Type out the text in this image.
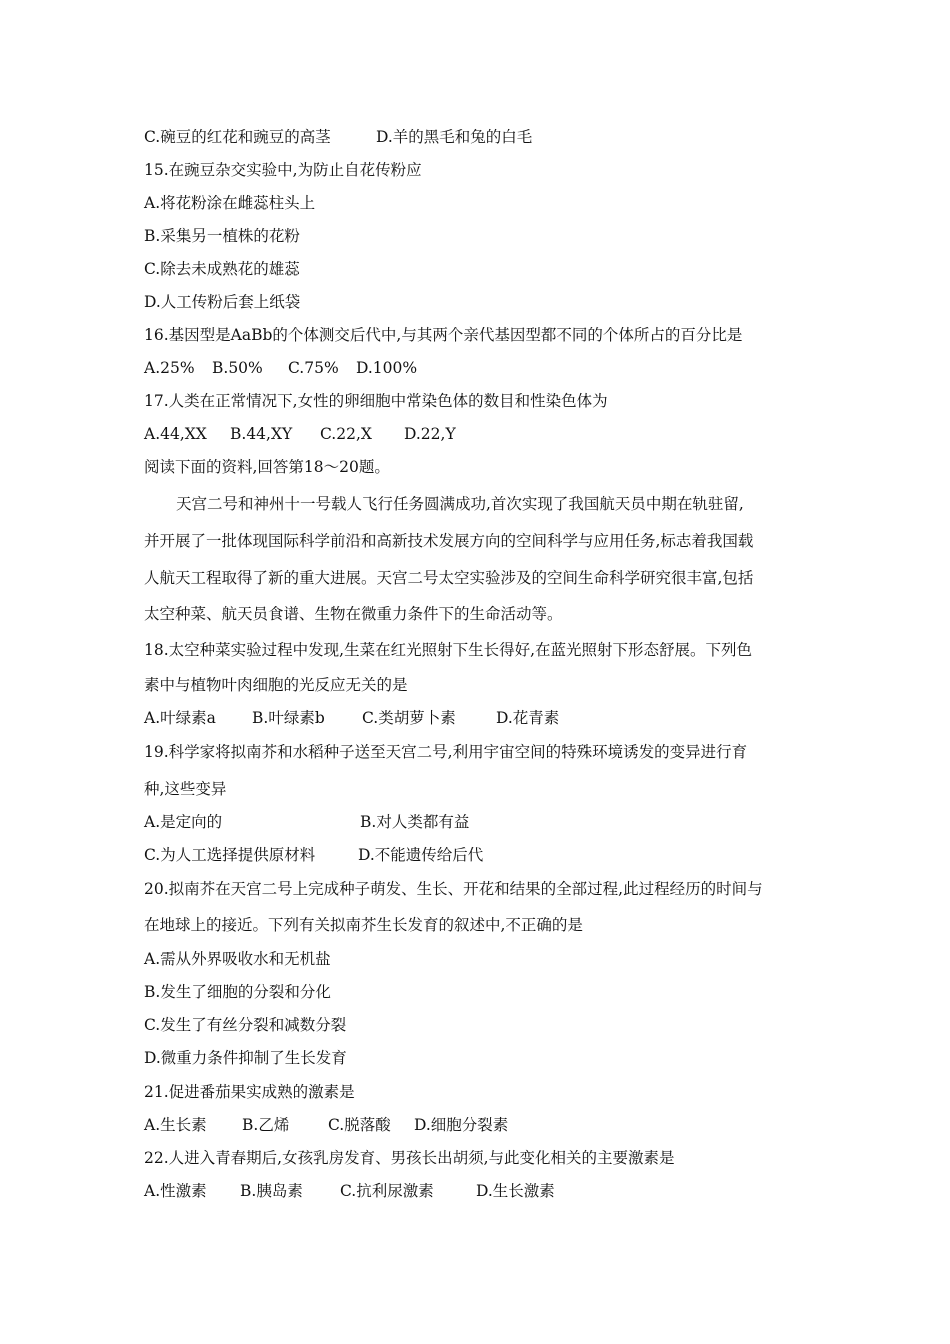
C.碗豆的红花和豌豆的高茎	D.羊的黑毛和兔的白毛
15.在豌豆杂交实验中,为防止自花传粉应
A.将花粉涂在雌蕊柱头上
B.采集另一植株的花粉
C.除去未成熟花的雄蕊
D.人工传粉后套上纸袋
16.基因型是AaBb的个体测交后代中,与其两个亲代基因型都不同的个体所占的百分比是
A.25% B.50% C.75% D.100%
17.人类在正常情况下,女性的卵细胞中常染色体的数目和性染色体为
A.44,XX B.44,XY C.22,X D.22,Y
阅读下面的资料,回答第18～20题。
天宫二号和神州十一号载人飞行任务圆满成功,首次实现了我国航天员中期在轨驻留,
并开展了一批体现国际科学前沿和高新技术发展方向的空间科学与应用任务,标志着我国载
人航天工程取得了新的重大进展。天宫二号太空实验涉及的空间生命科学研究很丰富,包括
太空种菜、航天员食谱、生物在微重力条件下的生命活动等。
18.太空种菜实验过程中发现,生菜在红光照射下生长得好,在蓝光照射下形态舒展。下列色
素中与植物叶肉细胞的光反应无关的是
A.叶绿素a B.叶绿素b C.类胡萝卜素	D.花青素
19.科学家将拟南芥和水稻种子送至天宫二号,利用宇宙空间的特殊环境诱发的变异进行育
种,这些变异
A.是定向的	B.对人类都有益
C.为人工选择提供原材料	D.不能遗传给后代
20.拟南芥在天宫二号上完成种子萌发、生长、开花和结果的全部过程,此过程经历的时间与
在地球上的接近。下列有关拟南芥生长发育的叙述中,不正确的是
A.需从外界吸收水和无机盐
B.发生了细胞的分裂和分化
C.发生了有丝分裂和减数分裂
D.微重力条件抑制了生长发育
21.促进番茄果实成熟的激素是
A.生长素 B.乙烯 C.脱落酸 D.细胞分裂素
22.人进入青春期后,女孩乳房发育、男孩长出胡须,与此变化相关的主要激素是
A.性激素 B.胰岛素 C.抗利尿激素	D.生长激素
